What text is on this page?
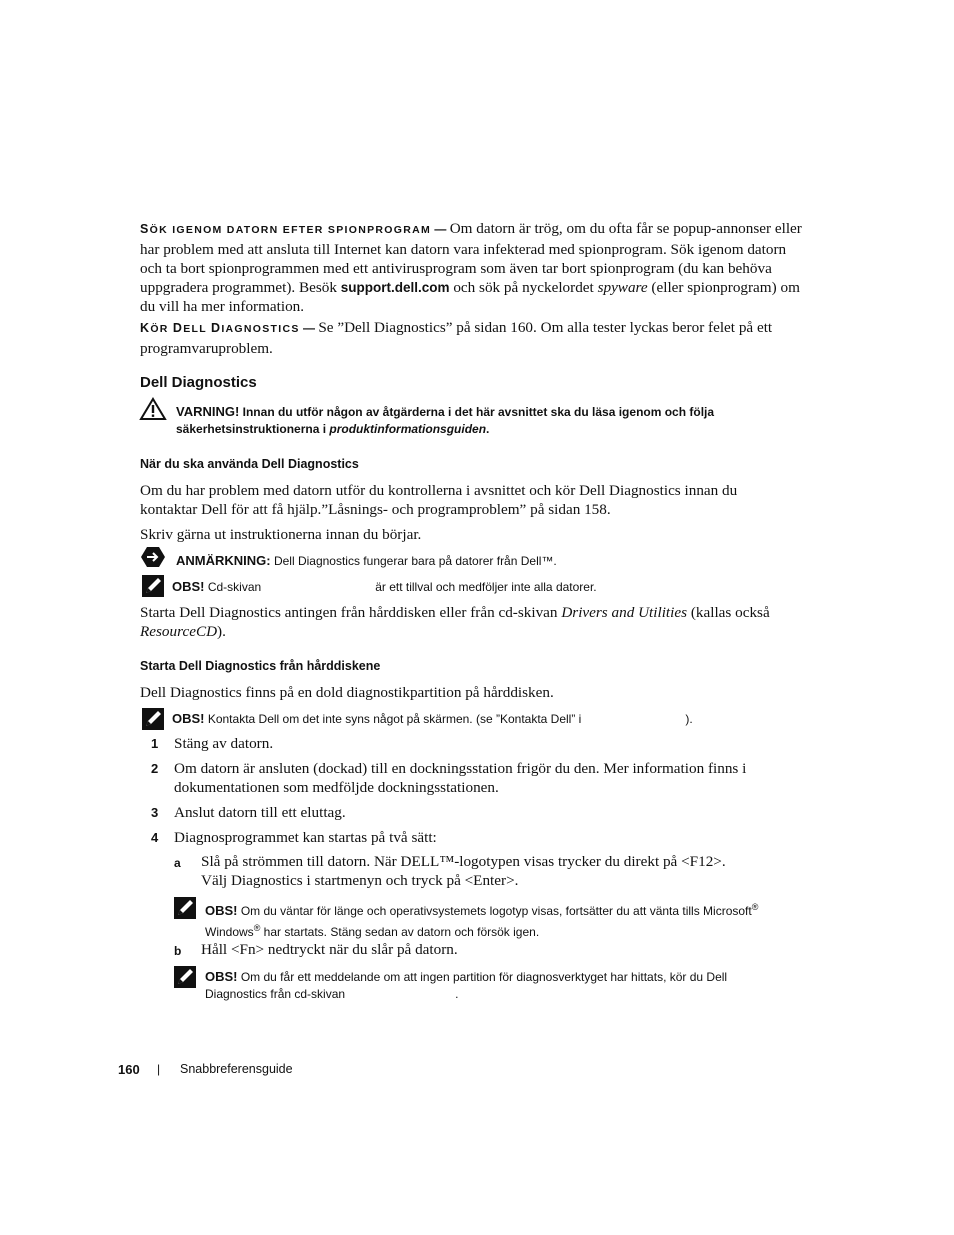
SÖK IGENOM DATORN EFTER SPIONPROGRAM — Om datorn är trög, om du ofta får se popup-annonser eller
har problem med att ansluta till Internet kan datorn vara infekterad med spionprogram. Sök igenom datorn
och ta bort spionprogrammen med ett antivirusprogram som även tar bort spionprogram (du kan behöva
uppgradera programmet). Besök support.dell.com och sök på nyckelordet spyware (eller spionprogram) om
du vill ha mer information.
KÖR DELL DIAGNOSTICS — Se ”Dell Diagnostics” på sidan 160. Om alla tester lyckas beror felet på ett
programvaruproblem.
Dell Diagnostics
VARNING! Innan du utför någon av åtgärderna i det här avsnittet ska du läsa igenom och följa
säkerhetsinstruktionerna i produktinformationsguiden.
När du ska använda Dell Diagnostics
Om du har problem med datorn utför du kontrollerna i avsnittet och kör Dell Diagnostics innan du
kontaktar Dell för att få hjälp.”Låsnings- och programproblem” på sidan 158.
Skriv gärna ut instruktionerna innan du börjar.
ANMÄRKNING: Dell Diagnostics fungerar bara på datorer från Dell™.
OBS! Cd-skivan	är ett tillval och medföljer inte alla datorer.
Starta Dell Diagnostics antingen från hårddisken eller från cd-skivan Drivers and Utilities (kallas också
ResourceCD).
Starta Dell Diagnostics från hårddiskene
Dell Diagnostics finns på en dold diagnostikpartition på hårddisken.
OBS! Kontakta Dell om det inte syns något på skärmen. (se ”Kontakta Dell” i	).
1 Stäng av datorn.
2 Om datorn är ansluten (dockad) till en dockningsstation frigör du den. Mer information finns i
dokumentationen som medföljde dockningsstationen.
3 Anslut datorn till ett eluttag.
4 Diagnosprogrammet kan startas på två sätt:
a Slå på strömmen till datorn. När DELL™-logotypen visas trycker du direkt på <F12>.
Välj Diagnostics i startmenyn och tryck på <Enter>.
OBS! Om du väntar för länge och operativsystemets logotyp visas, fortsätter du att vänta tills Microsoft®
Windows® har startats. Stäng sedan av datorn och försök igen.
b Håll <Fn> nedtryckt när du slår på datorn.
OBS! Om du får ett meddelande om att ingen partition för diagnosverktyget har hittats, kör du Dell
Diagnostics från cd-skivan	.
160 | Snabbreferensguide
